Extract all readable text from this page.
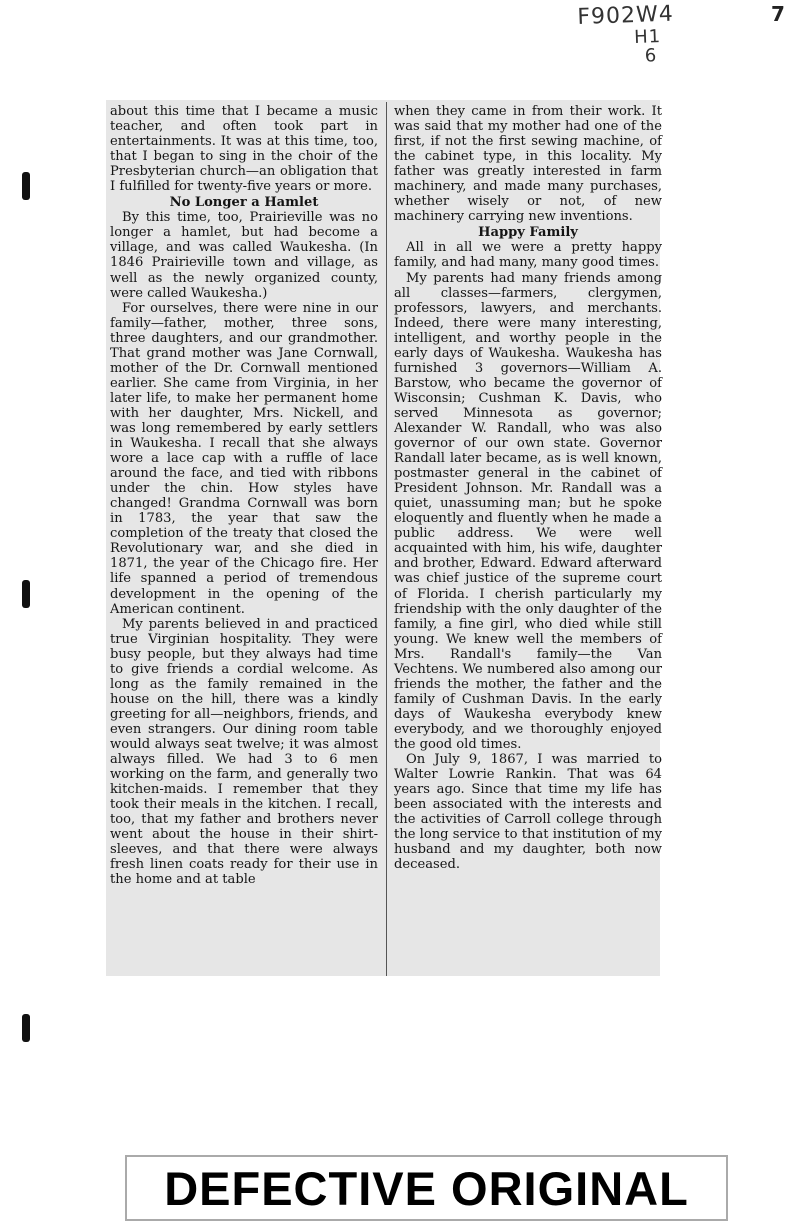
F902W4
H1
6
7

about this time that I became a music teacher, and often took part in entertainments. It was at this time, too, that I began to sing in the choir of the Presbyterian church—an obligation that I fulfilled for twenty-five years or more.

No Longer a Hamlet

By this time, too, Prairieville was no longer a hamlet, but had become a village, and was called Waukesha. (In 1846 Prairieville town and village, as well as the newly organized county, were called Waukesha.)

For ourselves, there were nine in our family—father, mother, three sons, three daughters, and our grandmother. That grand mother was Jane Cornwall, mother of the Dr. Cornwall mentioned earlier. She came from Virginia, in her later life, to make her permanent home with her daughter, Mrs. Nickell, and was long remembered by early settlers in Waukesha. I recall that she always wore a lace cap with a ruffle of lace around the face, and tied with ribbons under the chin. How styles have changed! Grandma Cornwall was born in 1783, the year that saw the completion of the treaty that closed the Revolutionary war, and she died in 1871, the year of the Chicago fire. Her life spanned a period of tremendous development in the opening of the American continent.

My parents believed in and practiced true Virginian hospitality. They were busy people, but they always had time to give friends a cordial welcome. As long as the family remained in the house on the hill, there was a kindly greeting for all—neighbors, friends, and even strangers. Our dining room table would always seat twelve; it was almost always filled. We had 3 to 6 men working on the farm, and generally two kitchen-maids. I remember that they took their meals in the kitchen. I recall, too, that my father and brothers never went about the house in their shirt-sleeves, and that there were always fresh linen coats ready for their use in the home and at table

when they came in from their work. It was said that my mother had one of the first, if not the first sewing machine, of the cabinet type, in this locality. My father was greatly interested in farm machinery, and made many purchases, whether wisely or not, of new machinery carrying new inventions.

Happy Family

All in all we were a pretty happy family, and had many, many good times.

My parents had many friends among all classes—farmers, clergymen, professors, lawyers, and merchants. Indeed, there were many interesting, intelligent, and worthy people in the early days of Waukesha. Waukesha has furnished 3 governors—William A. Barstow, who became the governor of Wisconsin; Cushman K. Davis, who served Minnesota as governor; Alexander W. Randall, who was also governor of our own state. Governor Randall later became, as is well known, postmaster general in the cabinet of President Johnson. Mr. Randall was a quiet, unassuming man; but he spoke eloquently and fluently when he made a public address. We were well acquainted with him, his wife, daughter and brother, Edward. Edward afterward was chief justice of the supreme court of Florida. I cherish particularly my friendship with the only daughter of the family, a fine girl, who died while still young. We knew well the members of Mrs. Randall's family—the Van Vechtens. We numbered also among our friends the mother, the father and the family of Cushman Davis. In the early days of Waukesha everybody knew everybody, and we thoroughly enjoyed the good old times.

On July 9, 1867, I was married to Walter Lowrie Rankin. That was 64 years ago. Since that time my life has been associated with the interests and the activities of Carroll college through the long service to that institution of my husband and my daughter, both now deceased.

DEFECTIVE ORIGINAL
